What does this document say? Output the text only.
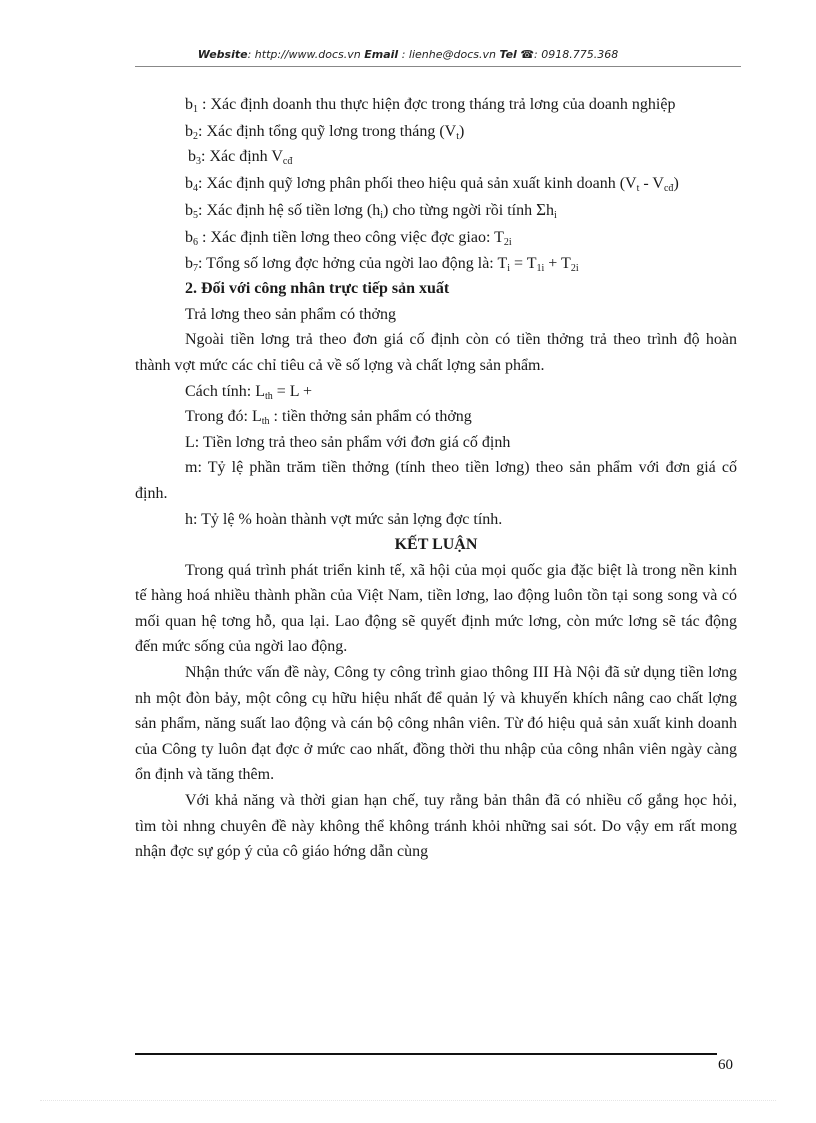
Website: http://www.docs.vn Email : lienhe@docs.vn Tel ☎: 0918.775.368

$b_1$ : Xác định doanh thu thực hiện đợc trong tháng trả lơng của doanh nghiệp

$b_2$: Xác định tổng quỹ lơng trong tháng $(V_t)$

$b_3$: Xác định $V_{cđ}$

$b_4$: Xác định quỹ lơng phân phối theo hiệu quả sản xuất kinh doanh $(V_t - V_{cđ})$

$b_5$: Xác định hệ số tiền lơng $(h_i)$ cho từng ngời rồi tính $\Sigma h_i$

$b_6$ : Xác định tiền lơng theo công việc đợc giao: $T_{2i}$

$b_7$: Tổng số lơng đợc hởng của ngời lao động là: $T_i = T_{1i} + T_{2i}$

2. Đối với công nhân trực tiếp sản xuất

Trả lơng theo sản phẩm có thởng

Ngoài tiền lơng trả theo đơn giá cố định còn có tiền thởng trả theo trình độ hoàn thành vợt mức các chỉ tiêu cả về số lợng và chất lợng sản phẩm.

Cách tính: $L_{th} = L$ +

Trong đó: $L_{th}$ : tiền thởng sản phẩm có thởng

L: Tiền lơng trả theo sản phẩm với đơn giá cố định

m: Tỷ lệ phần trăm tiền thởng (tính theo tiền lơng) theo sản phẩm với đơn giá cố định.

h: Tỷ lệ % hoàn thành vợt mức sản lợng đợc tính.

KẾT LUẬN

Trong quá trình phát triển kinh tế, xã hội của mọi quốc gia đặc biệt là trong nền kinh tế hàng hoá nhiều thành phần của Việt Nam, tiền lơng, lao động luôn tồn tại song song và có mối quan hệ tơng hỗ, qua lại. Lao động sẽ quyết định mức lơng, còn mức lơng sẽ tác động đến mức sống của ngời lao động.

Nhận thức vấn đề này, Công ty công trình giao thông III Hà Nội đã sử dụng tiền lơng nh một đòn bảy, một công cụ hữu hiệu nhất để quản lý và khuyến khích nâng cao chất lợng sản phẩm, năng suất lao động và cán bộ công nhân viên. Từ đó hiệu quả sản xuất kinh doanh của Công ty luôn đạt đợc ở mức cao nhất, đồng thời thu nhập của công nhân viên ngày càng ổn định và tăng thêm.

Với khả năng và thời gian hạn chế, tuy rằng bản thân đã có nhiều cố gắng học hỏi, tìm tòi nhng chuyên đề này không thể không tránh khỏi những sai sót. Do vậy em rất mong nhận đợc sự góp ý của cô giáo hớng dẫn cùng

60
